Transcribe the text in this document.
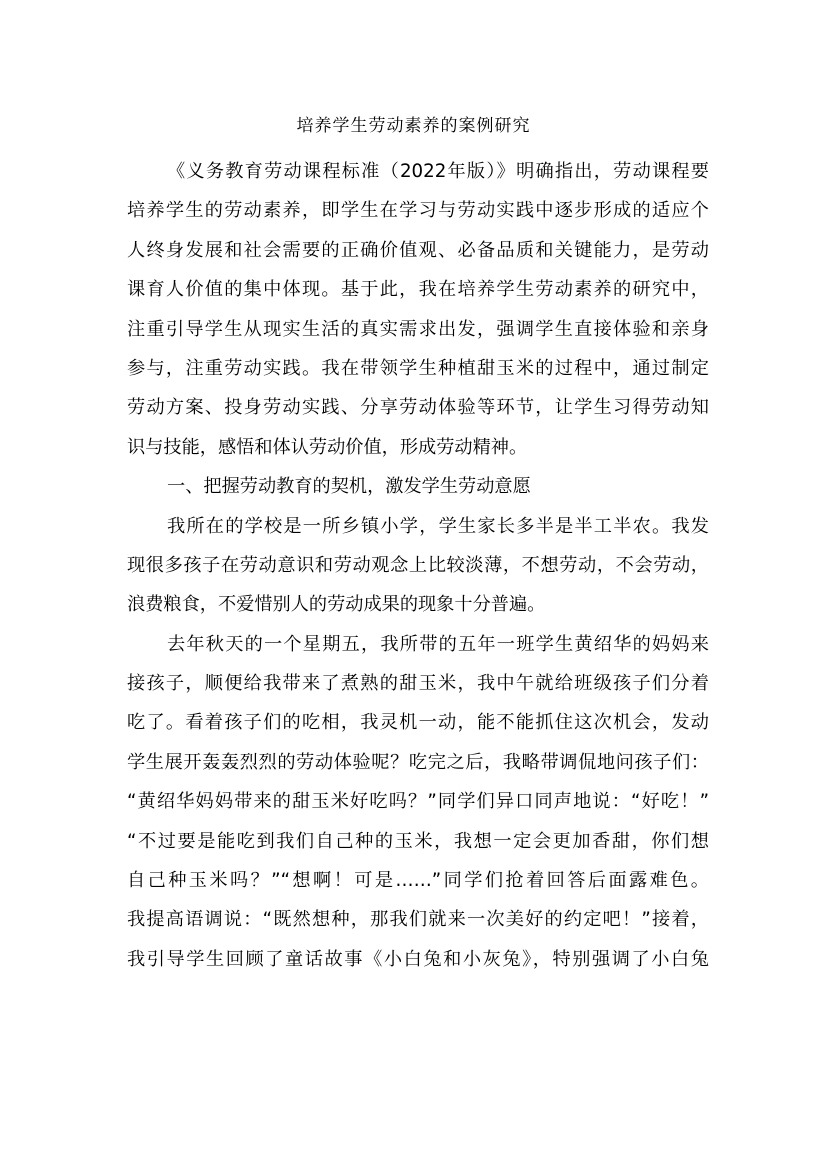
培养学生劳动素养的案例研究
《义务教育劳动课程标准（2022年版）》明确指出，劳动课程要
培养学生的劳动素养，即学生在学习与劳动实践中逐步形成的适应个
人终身发展和社会需要的正确价值观、必备品质和关键能力，是劳动
课育人价值的集中体现。基于此，我在培养学生劳动素养的研究中，
注重引导学生从现实生活的真实需求出发，强调学生直接体验和亲身
参与，注重劳动实践。我在带领学生种植甜玉米的过程中，通过制定
劳动方案、投身劳动实践、分享劳动体验等环节，让学生习得劳动知
识与技能，感悟和体认劳动价值，形成劳动精神。
一、把握劳动教育的契机，激发学生劳动意愿
我所在的学校是一所乡镇小学，学生家长多半是半工半农。我发
现很多孩子在劳动意识和劳动观念上比较淡薄，不想劳动，不会劳动，
浪费粮食，不爱惜别人的劳动成果的现象十分普遍。
去年秋天的一个星期五，我所带的五年一班学生黄绍华的妈妈来
接孩子，顺便给我带来了煮熟的甜玉米，我中午就给班级孩子们分着
吃了。看着孩子们的吃相，我灵机一动，能不能抓住这次机会，发动
学生展开轰轰烈烈的劳动体验呢？吃完之后，我略带调侃地问孩子们：
“黄绍华妈妈带来的甜玉米好吃吗？”同学们异口同声地说：“好吃！”
“不过要是能吃到我们自己种的玉米，我想一定会更加香甜，你们想
自己种玉米吗？”“想啊！可是……”同学们抢着回答后面露难色。
我提高语调说：“既然想种，那我们就来一次美好的约定吧！”接着，
我引导学生回顾了童话故事《小白兔和小灰兔》，特别强调了小白兔
